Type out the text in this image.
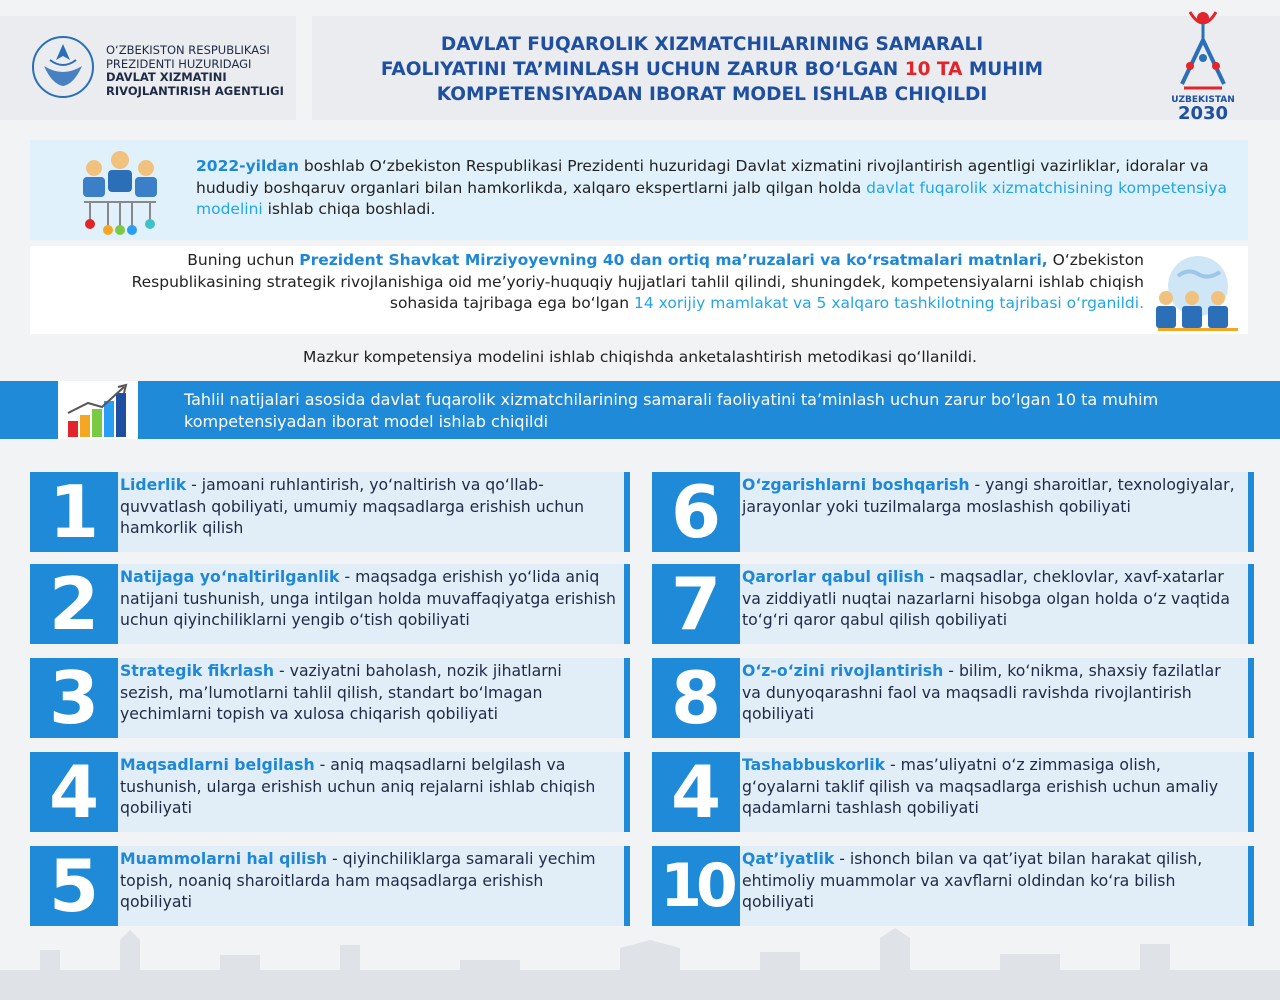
O‘ZBEKISTON RESPUBLIKASI
PREZIDENTI HUZURIDAGI
DAVLAT XIZMATINI
RIVOJLANTIRISH AGENTLIGI
DAVLAT FUQAROLIK XIZMATCHILARINING SAMARALI
FAOLIYATINI TA’MINLASH UCHUN ZARUR BO‘LGAN 10 TA MUHIM
KOMPETENSIYADAN IBORAT MODEL ISHLAB CHIQILDI	UZBEKISTAN
2030
2022-yildan boshlab O‘zbekiston Respublikasi Prezidenti huzuridagi Davlat xizmatini rivojlantirish agentligi vazirliklar, idoralar va hududiy boshqaruv organlari bilan hamkorlikda, xalqaro ekspertlarni jalb qilgan holda davlat fuqarolik xizmatchisining kompetensiya modelini ishlab chiqa boshladi.
Buning uchun Prezident Shavkat Mirziyoyevning 40 dan ortiq ma’ruzalari va ko‘rsatmalari matnlari, O‘zbekiston Respublikasining strategik rivojlanishiga oid me’yoriy-huquqiy hujjatlari tahlil qilindi, shuningdek, kompetensiyalarni ishlab chiqish sohasida tajribaga ega bo‘lgan 14 xorijiy mamlakat va 5 xalqaro tashkilotning tajribasi o‘rganildi.
Mazkur kompetensiya modelini ishlab chiqishda anketalashtirish metodikasi qo‘llanildi.
Tahlil natijalari asosida davlat fuqarolik xizmatchilarining samarali faoliyatini ta’minlash uchun zarur bo‘lgan 10 ta muhim kompetensiyadan iborat model ishlab chiqildi
1	Liderlik - jamoani ruhlantirish, yo‘naltirish va qo‘llab-quvvatlash qobiliyati, umumiy maqsadlarga erishish uchun hamkorlik qilish
2	Natijaga yo‘naltirilganlik - maqsadga erishish yo‘lida aniq natijani tushunish, unga intilgan holda muvaffaqiyatga erishish uchun qiyinchiliklarni yengib o‘tish qobiliyati
3	Strategik fikrlash - vaziyatni baholash, nozik jihatlarni sezish, ma’lumotlarni tahlil qilish, standart bo‘lmagan yechimlarni topish va xulosa chiqarish qobiliyati
4	Maqsadlarni belgilash - aniq maqsadlarni belgilash va tushunish, ularga erishish uchun aniq rejalarni ishlab chiqish qobiliyati
5	Muammolarni hal qilish - qiyinchiliklarga samarali yechim topish, noaniq sharoitlarda ham maqsadlarga erishish qobiliyati
6	O‘zgarishlarni boshqarish - yangi sharoitlar, texnologiyalar, jarayonlar yoki tuzilmalarga moslashish qobiliyati
7	Qarorlar qabul qilish - maqsadlar, cheklovlar, xavf-xatarlar va ziddiyatli nuqtai nazarlarni hisobga olgan holda o‘z vaqtida to‘g‘ri qaror qabul qilish qobiliyati
8	O‘z-o‘zini rivojlantirish - bilim, ko‘nikma, shaxsiy fazilatlar va dunyoqarashni faol va maqsadli ravishda rivojlantirish qobiliyati
4	Tashabbuskorlik - mas’uliyatni o‘z zimmasiga olish, g‘oyalarni taklif qilish va maqsadlarga erishish uchun amaliy qadamlarni tashlash qobiliyati
10 Qat’iyatlik - ishonch bilan va qat’iyat bilan harakat qilish, ehtimoliy muammolar va xavflarni oldindan ko‘ra bilish qobiliyati
